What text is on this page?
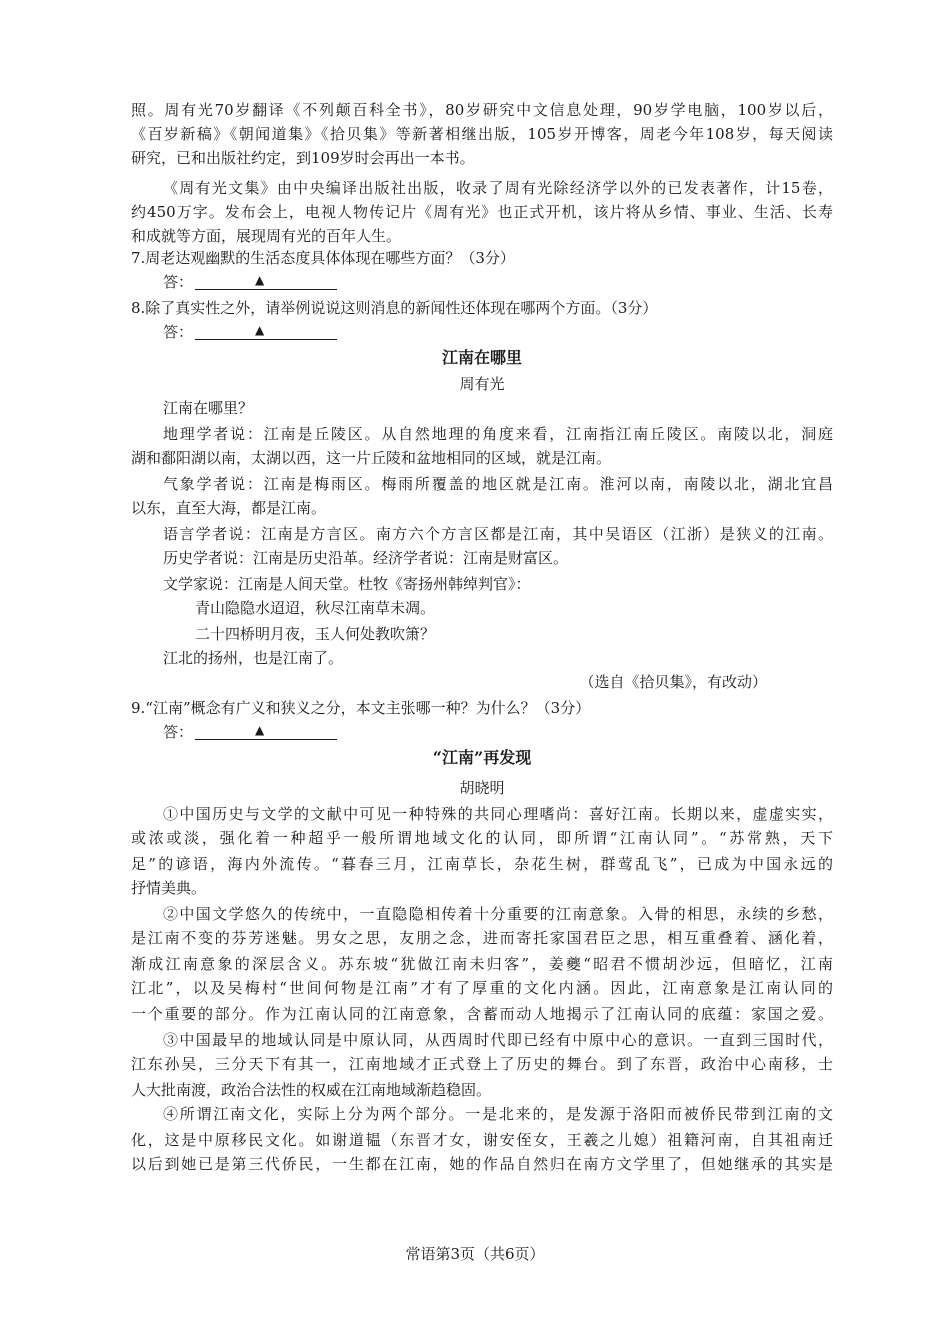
照。周有光70岁翻译《不列颠百科全书》，80岁研究中文信息处理，90岁学电脑，100岁以后，
《百岁新稿》《朝闻道集》《拾贝集》等新著相继出版，105岁开博客，周老今年108岁，每天阅读
研究，已和出版社约定，到109岁时会再出一本书。
《周有光文集》由中央编译出版社出版，收录了周有光除经济学以外的已发表著作，计15卷，
约450万字。发布会上，电视人物传记片《周有光》也正式开机，该片将从乡情、事业、生活、长寿
和成就等方面，展现周有光的百年人生。
7.周老达观幽默的生活态度具体体现在哪些方面？（3分）
答：	▲
8.除了真实性之外，请举例说说这则消息的新闻性还体现在哪两个方面。（3分）
答：	▲
江南在哪里
周有光
江南在哪里？
地理学者说：江南是丘陵区。从自然地理的角度来看，江南指江南丘陵区。南陵以北，洞庭
湖和鄱阳湖以南，太湖以西，这一片丘陵和盆地相同的区域，就是江南。
气象学者说：江南是梅雨区。梅雨所覆盖的地区就是江南。淮河以南，南陵以北，湖北宜昌
以东，直至大海，都是江南。
语言学者说：江南是方言区。南方六个方言区都是江南，其中吴语区（江浙）是狭义的江南。
历史学者说：江南是历史沿革。经济学者说：江南是财富区。
文学家说：江南是人间天堂。杜牧《寄扬州韩绰判官》：
青山隐隐水迢迢，秋尽江南草未凋。
二十四桥明月夜，玉人何处教吹箫？
江北的扬州，也是江南了。
（选自《拾贝集》，有改动）
9.“江南”概念有广义和狭义之分，本文主张哪一种？为什么？（3分）
答：	▲
“江南”再发现
胡晓明
①中国历史与文学的文献中可见一种特殊的共同心理嗜尚：喜好江南。长期以来，虚虚实实，
或浓或淡，强化着一种超乎一般所谓地域文化的认同，即所谓“江南认同”。“苏常熟，天下
足”的谚语，海内外流传。“暮春三月，江南草长，杂花生树，群莺乱飞”，已成为中国永远的
抒情美典。
②中国文学悠久的传统中，一直隐隐相传着十分重要的江南意象。入骨的相思，永续的乡愁，
是江南不变的芬芳迷魅。男女之思，友朋之念，进而寄托家国君臣之思，相互重叠着、涵化着，
渐成江南意象的深层含义。苏东坡“犹做江南未归客”，姜夔“昭君不惯胡沙远，但暗忆，江南
江北”，以及吴梅村“世间何物是江南”才有了厚重的文化内涵。因此，江南意象是江南认同的
一个重要的部分。作为江南认同的江南意象，含蓄而动人地揭示了江南认同的底蕴：家国之爱。
③中国最早的地域认同是中原认同，从西周时代即已经有中原中心的意识。一直到三国时代，
江东孙吴，三分天下有其一，江南地域才正式登上了历史的舞台。到了东晋，政治中心南移，士
人大批南渡，政治合法性的权威在江南地域渐趋稳固。
④所谓江南文化，实际上分为两个部分。一是北来的，是发源于洛阳而被侨民带到江南的文
化，这是中原移民文化。如谢道韫（东晋才女，谢安侄女，王羲之儿媳）祖籍河南，自其祖南迁
以后到她已是第三代侨民，一生都在江南，她的作品自然归在南方文学里了，但她继承的其实是
常语第3页（共6页）
